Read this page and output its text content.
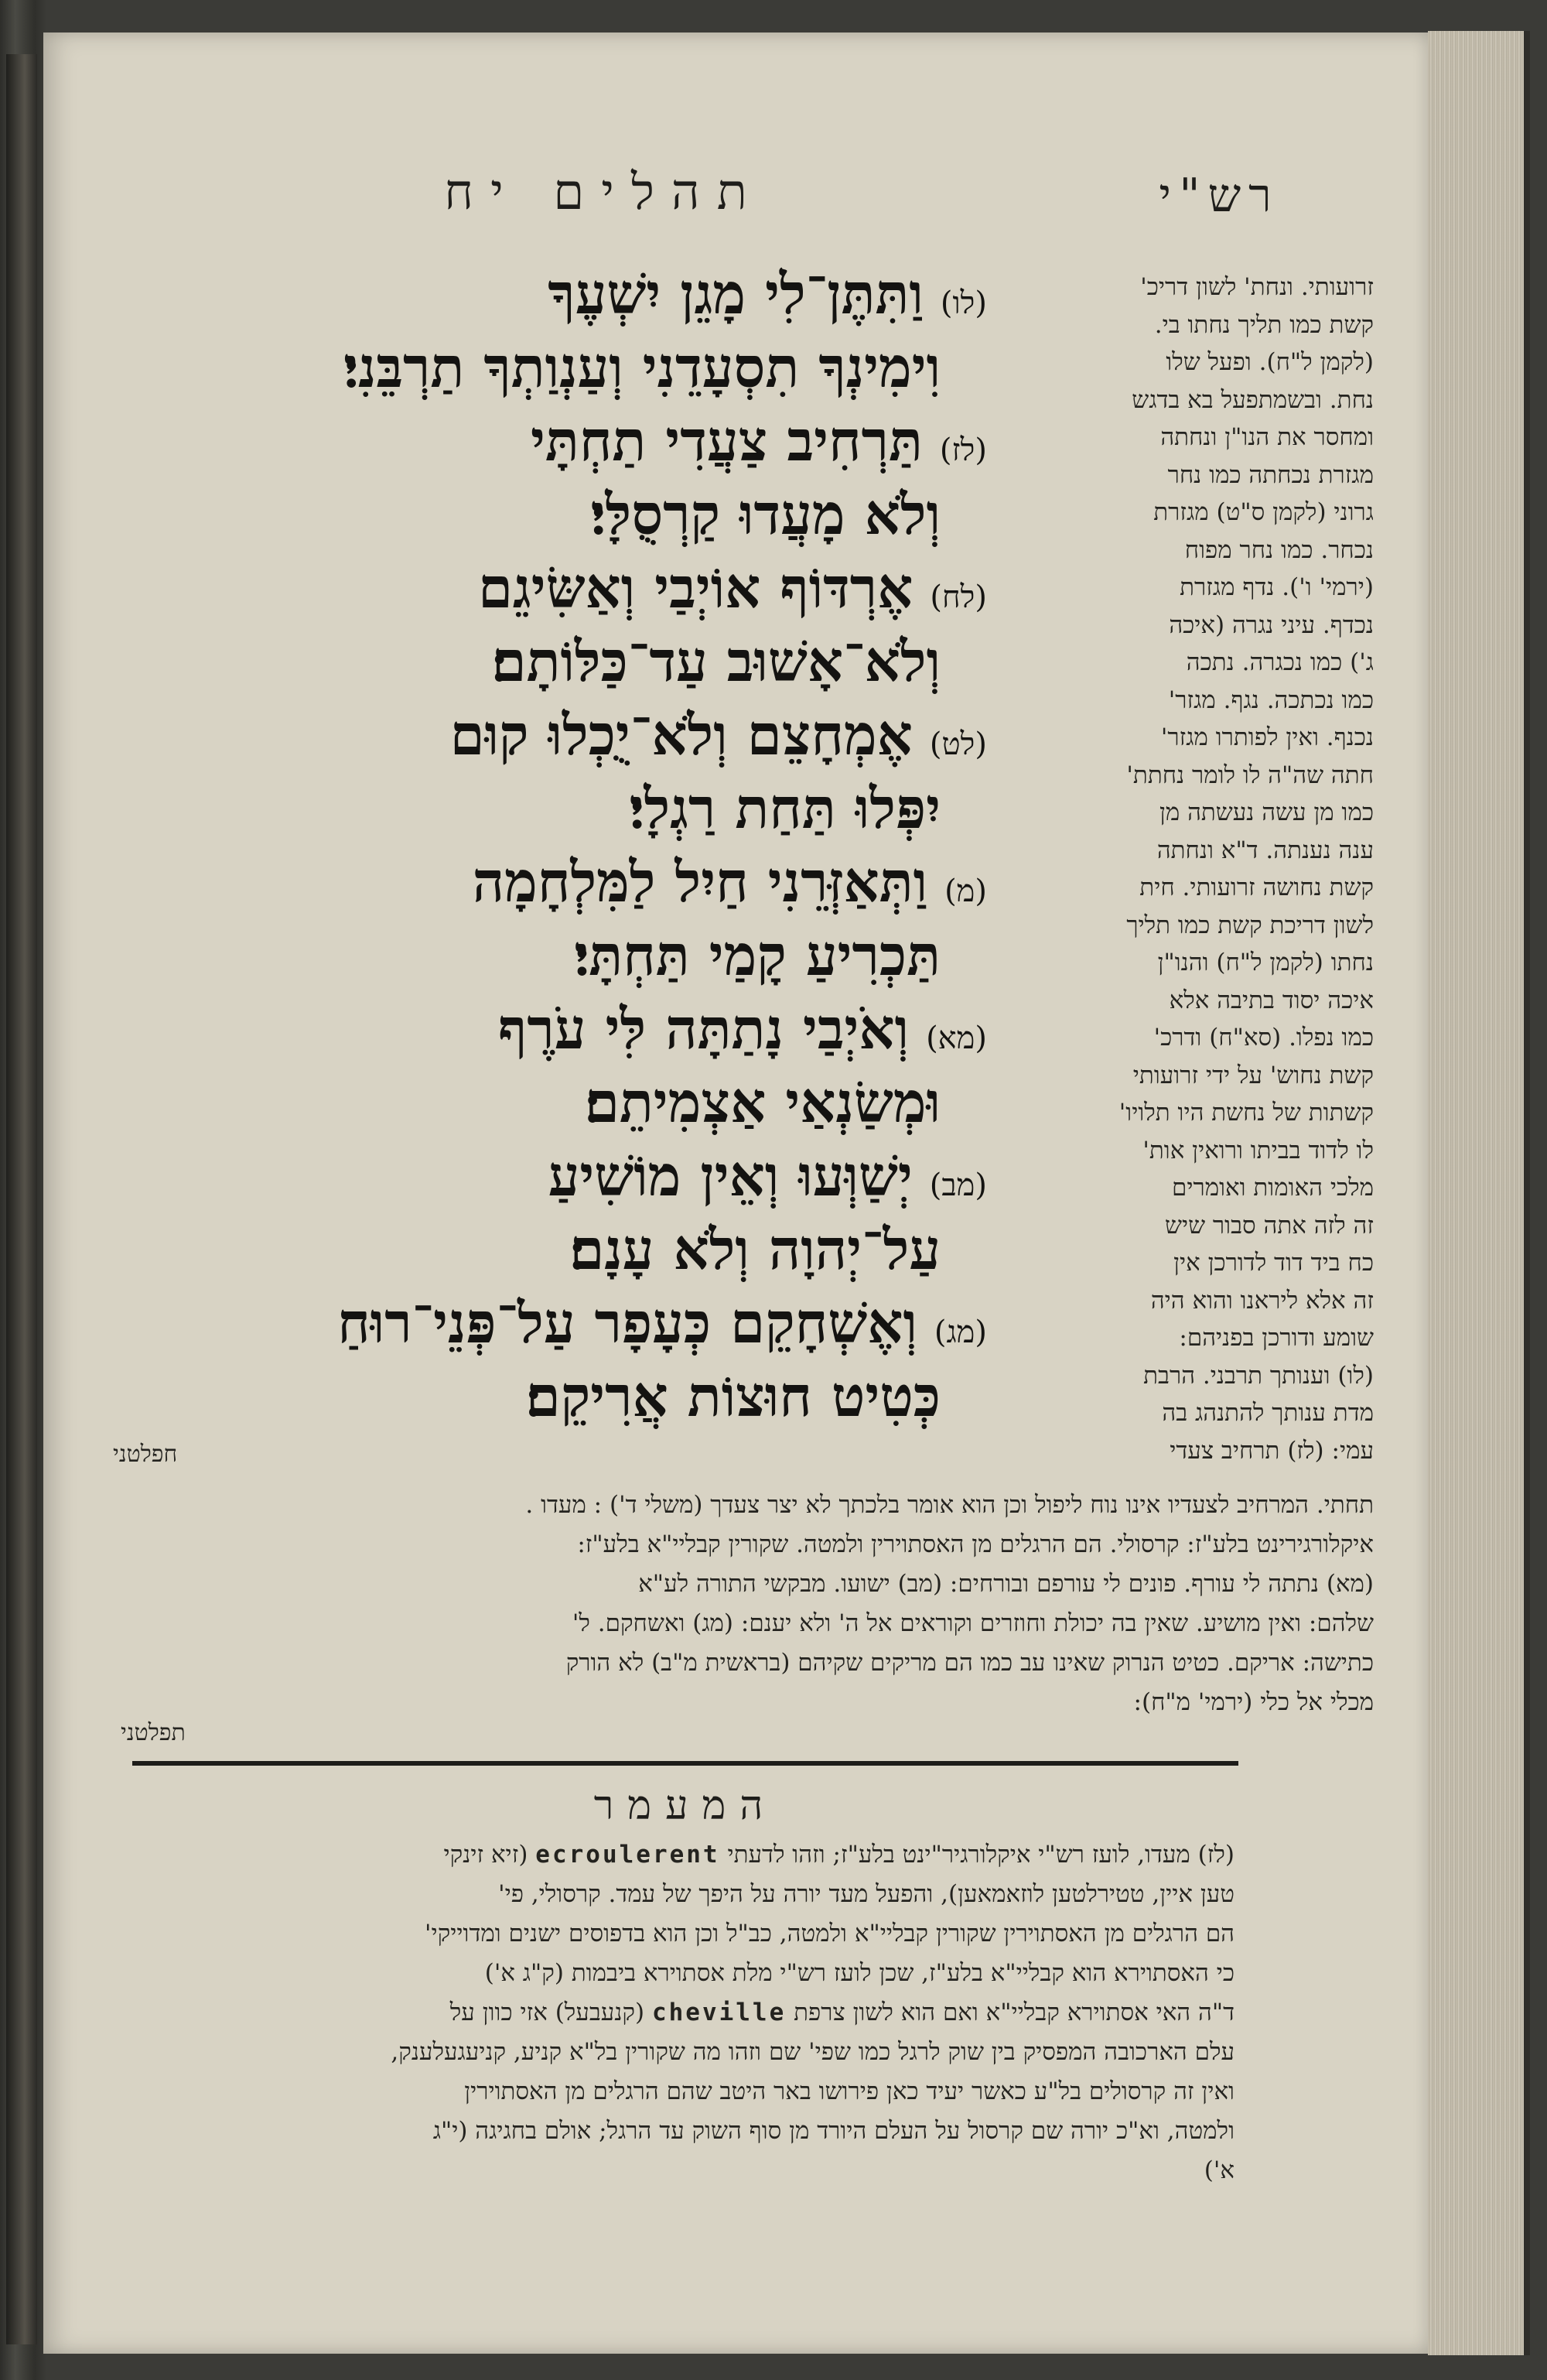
תהלים יח	רש"י
(לו)וַתִּתֶּן־לִי מָגֵן יִשְׁעֶךָ
וִימִינְךָ תִסְעָדֵנִי וְעַנְוַתְךָ תַרְבֵּנִי׃
(לז)תַּרְחִיב צַעֲדִי תַחְתָּי
וְלֹא מָעֲדוּ קַרְסֻלָּי׃
(לח)אֶרְדּוֹף אוֹיְבַי וְאַשִּׂיגֵם
וְלֹא־אָשׁוּב עַד־כַּלּוֹתָם׃
(לט)אֶמְחָצֵם וְלֹא־יֻכְלוּ קוּם
יִפְּלוּ תַּחַת רַגְלָי׃
(מ)וַתְּאַזְּרֵנִי חַיִל לַמִּלְחָמָה
תַּכְרִיעַ קָמַי תַּחְתָּי׃
(מא)וְאֹיְבַי נָתַתָּה לִּי עֹרֶף
וּמְשַׂנְאַי אַצְמִיתֵם׃
(מב)יְשַׁוְּעוּ וְאֵין מוֹשִׁיעַ
עַל־יְהוָה וְלֹא עָנָם׃
(מג)וְאֶשְׁחָקֵם כְּעָפָר עַל־פְּנֵי־רוּחַ
כְּטִיט חוּצוֹת אֲרִיקֵם׃
זרועותי. ונחת' לשון דריכ'
קשת כמו תליך נחתו בי.
(לקמן ל"ח). ופעל שלו
נחת. ובשמתפעל בא בדגש
ומחסר את הנו"ן ונחתה
מגזרת נכחתה כמו נחר
גרוני (לקמן ס"ט) מגזרת
נכחר. כמו נחר מפוח
(ירמי' ו'). נדף מגזרת
נכדף. עיני נגרה (איכה
ג') כמו נכגרה. נתכה
כמו נכתכה. נגף. מגזר'
נכנף. ואין לפותרו מגזר'
חתה שה"ה לו לומר נחתת'
כמו מן עשה נעשתה מן
ענה נענתה. ד"א ונחתה
קשת נחושה זרועותי. חית
לשון דריכת קשת כמו תליך
נחתו (לקמן ל"ח) והנו"ן
איכה יסוד בתיבה אלא
כמו נפלו. (סא"ח) ודרכ'
קשת נחוש' על ידי זרועותי
קשתות של נחשת היו תלויו'
לו לדוד בביתו ורואין אות'
מלכי האומות ואומרים
זה לזה אתה סבור שיש
כח ביד דוד לדורכן אין
זה אלא ליראנו והוא היה
שומע ודורכן בפניהם:
(לו) וענותך תרבני. הרבת
מדת ענותך להתנהג בה
עמי: (לז) תרחיב צעדי
חפלטני
תחתי. המרחיב לצעדיו אינו נוח ליפול וכן הוא אומר בלכתך לא יצר צעדך (משלי ד') : מעדו .
איקלורגירינט בלע"ז: קרסולי. הם הרגלים מן האסתוירין ולמטה. שקורין קבליי"א בלע"ז:
(מא) נתתה לי עורף. פונים לי עורפם ובורחים: (מב) ישועו. מבקשי התורה לע"א
שלהם: ואין מושיע. שאין בה יכולת וחוזרים וקוראים אל ה' ולא יענם: (מג) ואשחקם. ל'
כתישה: אריקם. כטיט הנרוק שאינו עב כמו הם מריקים שקיהם (בראשית מ"ב) לא הורק
מכלי אל כלי (ירמי' מ"ח):
תפלטני
המעמר
(לז) מעדו, לועז רש"י איקלורגיר"ינט בלע"ז; וזהו לדעתי ecroulerent (זיא זינקי
טען איין, טטירלטען לוזאמאען), והפעל מעד יורה על היפך של עמד. קרסולי, פי'
הם הרגלים מן האסתוירין שקורין קבליי"א ולמטה, כב"ל וכן הוא בדפוסים ישנים ומדוייקי'
כי האסתוירא הוא קבליי"א בלע"ז, שכן לועז רש"י מלת אסתוירא ביבמות (ק"ג א')
ד"ה האי אסתוירא קבליי"א ואם הוא לשון צרפת cheville (קנעבעל) אזי כוון על
עלם הארכובה המפסיק בין שוק לרגל כמו שפי' שם וזהו מה שקורין בל"א קניע, קניעגעלענק,
ואין זה קרסולים בל"ע כאשר יעיד כאן פירושו באר היטב שהם הרגלים מן האסתוירין
ולמטה, וא"כ יורה שם קרסול על העלם היורד מן סוף השוק עד הרגל; אולם בחגיגה (י"ג
א')
